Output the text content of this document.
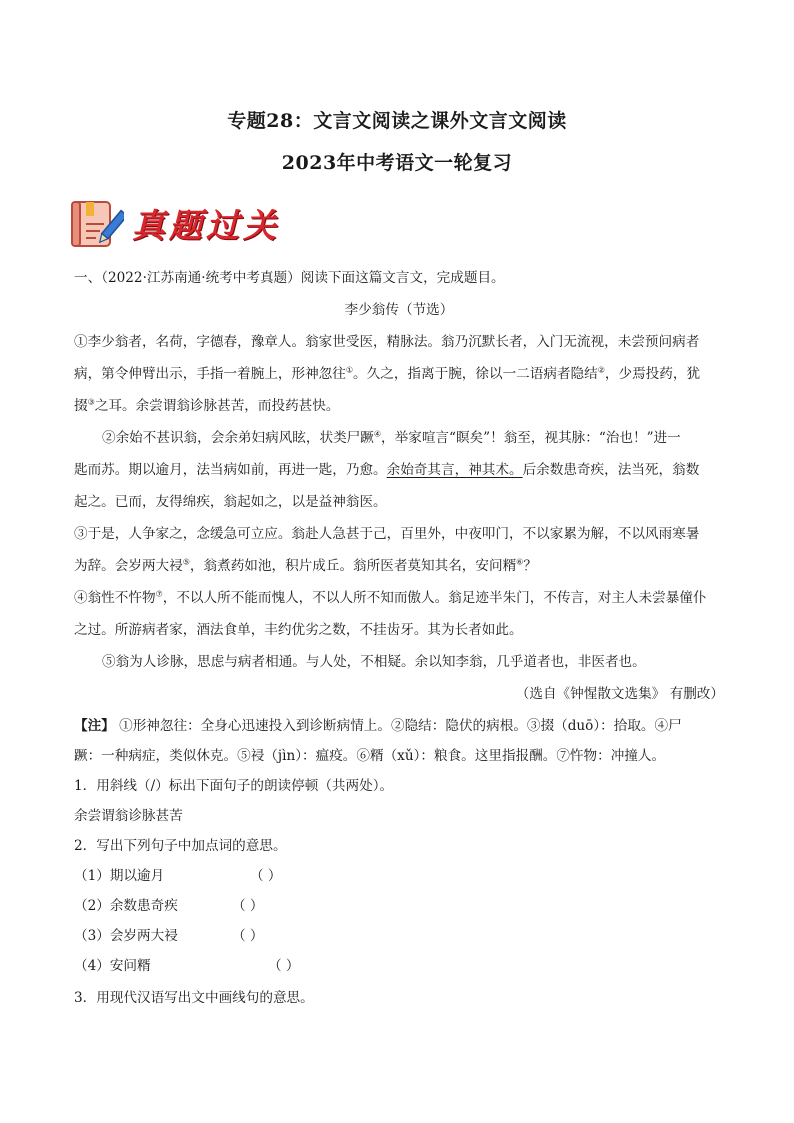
专题28：文言文阅读之课外文言文阅读
2023年中考语文一轮复习
真题过关
一、（2022·江苏南通·统考中考真题）阅读下面这篇文言文，完成题目。
李少翁传（节选）
①李少翁者，名荷，字德春，豫章人。翁家世受医，精脉法。翁乃沉默长者，入门无流视，未尝预问病者
病，第令伸臂出示，手指一着腕上，形神忽往①。久之，指离于腕，徐以一二语病者隐结②，少焉投药，犹
掇③之耳。余尝谓翁诊脉甚苦，而投药甚快。
②余始不甚识翁，会余弟妇病风眩，状类尸蹶④，举家喧言“瞑矣”！翁至，视其脉：“治也！”进一
匙而苏。期以逾月，法当病如前，再进一匙，乃愈。余始奇其言，神其术。后余数患奇疾，法当死，翁数
起之。已而，友得绵疾，翁起如之，以是益神翁医。
③于是，人争家之，念缓急可立应。翁赴人急甚于己，百里外，中夜叩门，不以家累为解，不以风雨寒暑
为辞。会岁两大祲⑤，翁煮药如池，积片成丘。翁所医者莫知其名，安问糈⑥？
④翁性不忤物⑦，不以人所不能而愧人，不以人所不知而傲人。翁足迹半朱门，不传言，对主人未尝暴僮仆
之过。所游病者家，酒法食单，丰约优劣之数，不挂齿牙。其为长者如此。
⑤翁为人诊脉，思虑与病者相通。与人处，不相疑。余以知李翁，几乎道者也，非医者也。
（选自《钟惺散文选集》 有删改）
【注】 ①形神忽往：全身心迅速投入到诊断病情上。②隐结：隐伏的病根。③掇（duō）：拾取。④尸
蹶：一种病症，类似休克。⑤祲（jìn）：瘟疫。⑥糈（xǔ）：粮食。这里指报酬。⑦忤物：冲撞人。
1．用斜线（/）标出下面句子的朗读停顿（共两处）。
余尝谓翁诊脉甚苦
2．写出下列句子中加点词的意思。
（1）期以逾月	（ ）
（2）余数患奇疾	（ ）
（3）会岁两大祲	（ ）
（4）安问糈	（ ）
3．用现代汉语写出文中画线句的意思。
